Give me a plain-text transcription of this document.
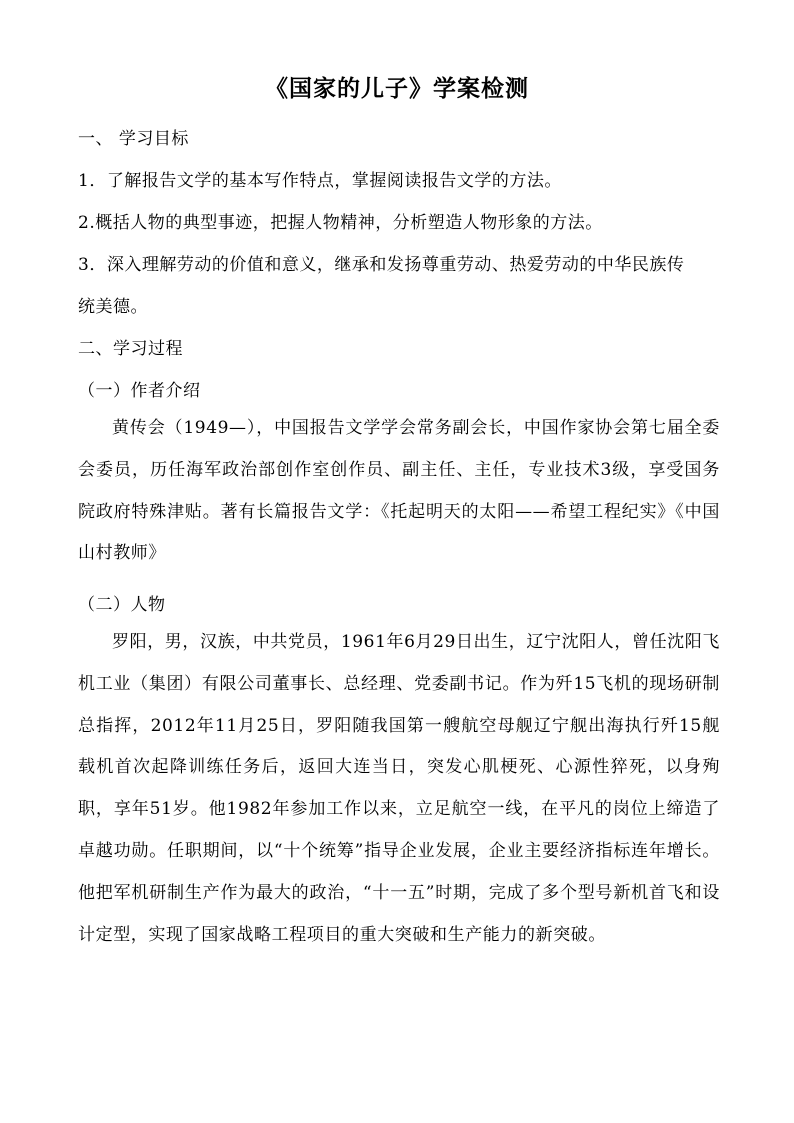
《国家的儿子》学案检测
一、 学习目标
1．了解报告文学的基本写作特点，掌握阅读报告文学的方法。
2.概括人物的典型事迹，把握人物精神，分析塑造人物形象的方法。
3．深入理解劳动的价值和意义，继承和发扬尊重劳动、热爱劳动的中华民族传
统美德。
二、学习过程
（一）作者介绍
黄传会（1949—），中国报告文学学会常务副会长，中国作家协会第七届全委会委员，历任海军政治部创作室创作员、副主任、主任，专业技术3级，享受国务院政府特殊津贴。著有长篇报告文学：《托起明天的太阳——希望工程纪实》《中国山村教师》
（二）人物
罗阳，男，汉族，中共党员，1961年6月29日出生，辽宁沈阳人，曾任沈阳飞机工业（集团）有限公司董事长、总经理、党委副书记。作为歼15飞机的现场研制总指挥，2012年11月25日，罗阳随我国第一艘航空母舰辽宁舰出海执行歼15舰载机首次起降训练任务后，返回大连当日，突发心肌梗死、心源性猝死，以身殉职，享年51岁。他1982年参加工作以来，立足航空一线，在平凡的岗位上缔造了卓越功勋。任职期间，以“十个统筹”指导企业发展，企业主要经济指标连年增长。他把军机研制生产作为最大的政治，“十一五”时期，完成了多个型号新机首飞和设计定型，实现了国家战略工程项目的重大突破和生产能力的新突破。
